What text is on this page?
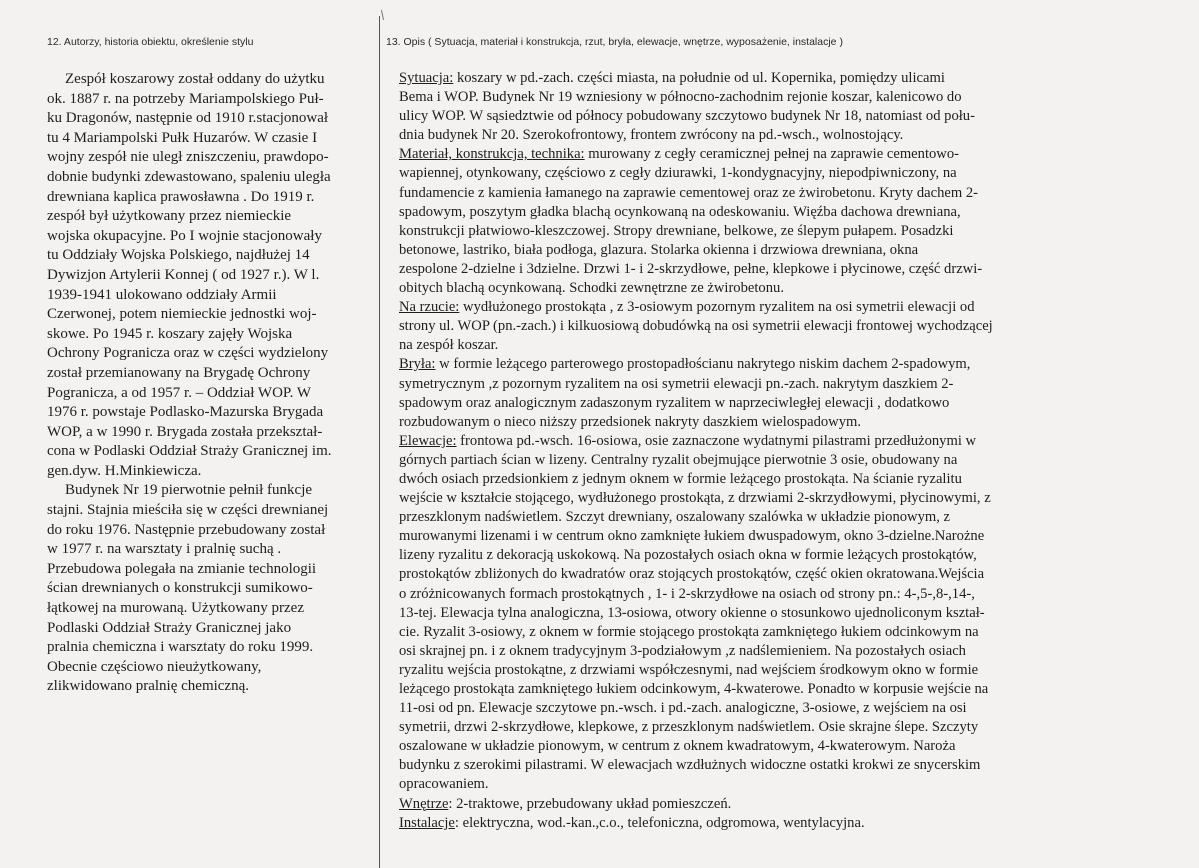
12. Autorzy, historia obiektu, określenie stylu	13. Opis ( Sytuacja, materiał i konstrukcja, rzut, bryła, elewacje, wnętrze, wyposażenie, instalacje )
Zespół koszarowy został oddany do użytku
ok. 1887 r. na potrzeby Mariampolskiego Puł-
ku Dragonów, następnie od 1910 r.stacjonował
tu 4 Mariampolski Pułk Huzarów. W czasie I
wojny zespół nie uległ zniszczeniu, prawdopo-
dobnie budynki zdewastowano, spaleniu uległa
drewniana kaplica prawosławna . Do 1919 r.
zespół był użytkowany przez niemieckie
wojska okupacyjne. Po I wojnie stacjonowały
tu Oddziały Wojska Polskiego, najdłużej 14
Dywizjon Artylerii Konnej ( od 1927 r.). W l.
1939-1941 ulokowano oddziały Armii
Czerwonej, potem niemieckie jednostki woj-
skowe. Po 1945 r. koszary zajęły Wojska
Ochrony Pogranicza oraz w części wydzielony
został przemianowany na Brygadę Ochrony
Pogranicza, a od 1957 r. – Oddział WOP. W
1976 r. powstaje Podlasko-Mazurska Brygada
WOP, a w 1990 r. Brygada została przekształ-
cona w Podlaski Oddział Straży Granicznej im.
gen.dyw. H.Minkiewicza.
Budynek Nr 19 pierwotnie pełnił funkcje
stajni. Stajnia mieściła się w części drewnianej
do roku 1976. Następnie przebudowany został
w 1977 r. na warsztaty i pralnię suchą .
Przebudowa polegała na zmianie technologii
ścian drewnianych o konstrukcji sumikowo-
łątkowej na murowaną. Użytkowany przez
Podlaski Oddział Straży Granicznej jako
pralnia chemiczna i warsztaty do roku 1999.
Obecnie częściowo nieużytkowany,
zlikwidowano pralnię chemiczną.
Sytuacja: koszary w pd.-zach. części miasta, na południe od ul. Kopernika, pomiędzy ulicami
Bema i WOP. Budynek Nr 19 wzniesiony w północno-zachodnim rejonie koszar, kalenicowo do
ulicy WOP. W sąsiedztwie od północy pobudowany szczytowo budynek Nr 18, natomiast od połu-
dnia budynek Nr 20. Szerokofrontowy, frontem zwrócony na pd.-wsch., wolnostojący.
Materiał, konstrukcja, technika: murowany z cegły ceramicznej pełnej na zaprawie cementowo-
wapiennej, otynkowany, częściowo z cegły dziurawki, 1-kondygnacyjny, niepodpiwniczony, na
fundamencie z kamienia łamanego na zaprawie cementowej oraz ze żwirobetonu. Kryty dachem 2-
spadowym, poszytym gładka blachą ocynkowaną na odeskowaniu. Więźba dachowa drewniana,
konstrukcji płatwiowo-kleszczowej. Stropy drewniane, belkowe, ze ślepym pułapem. Posadzki
betonowe, lastriko, biała podłoga, glazura. Stolarka okienna i drzwiowa drewniana, okna
zespolone 2-dzielne i 3dzielne. Drzwi 1- i 2-skrzydłowe, pełne, klepkowe i płycinowe, część drzwi-
obitych blachą ocynkowaną. Schodki zewnętrzne ze żwirobetonu.
Na rzucie: wydłużonego prostokąta , z 3-osiowym pozornym ryzalitem na osi symetrii elewacji od
strony ul. WOP (pn.-zach.) i kilkuosiową dobudówką na osi symetrii elewacji frontowej wychodzącej
na zespół koszar.
Bryła: w formie leżącego parterowego prostopadłościanu nakrytego niskim dachem 2-spadowym,
symetrycznym ,z pozornym ryzalitem na osi symetrii elewacji pn.-zach. nakrytym daszkiem 2-
spadowym oraz analogicznym zadaszonym ryzalitem w naprzeciwległej elewacji , dodatkowo
rozbudowanym o nieco niższy przedsionek nakryty daszkiem wielospadowym.
Elewacje: frontowa pd.-wsch. 16-osiowa, osie zaznaczone wydatnymi pilastrami przedłużonymi w
górnych partiach ścian w lizeny. Centralny ryzalit obejmujące pierwotnie 3 osie, obudowany na
dwóch osiach przedsionkiem z jednym oknem w formie leżącego prostokąta. Na ścianie ryzalitu
wejście w kształcie stojącego, wydłużonego prostokąta, z drzwiami 2-skrzydłowymi, płycinowymi, z
przeszklonym nadświetlem. Szczyt drewniany, oszalowany szalówka w układzie pionowym, z
murowanymi lizenami i w centrum okno zamknięte łukiem dwuspadowym, okno 3-dzielne.Narożne
lizeny ryzalitu z dekoracją uskokową. Na pozostałych osiach okna w formie leżących prostokątów,
prostokątów zbliżonych do kwadratów oraz stojących prostokątów, część okien okratowana.Wejścia
o zróżnicowanych formach prostokątnych , 1- i 2-skrzydłowe na osiach od strony pn.: 4-,5-,8-,14-,
13-tej. Elewacja tylna analogiczna, 13-osiowa, otwory okienne o stosunkowo ujednoliconym kształ-
cie. Ryzalit 3-osiowy, z oknem w formie stojącego prostokąta zamkniętego łukiem odcinkowym na
osi skrajnej pn. i z oknem tradycyjnym 3-podziałowym ,z nadślemieniem. Na pozostałych osiach
ryzalitu wejścia prostokątne, z drzwiami współczesnymi, nad wejściem środkowym okno w formie
leżącego prostokąta zamkniętego łukiem odcinkowym, 4-kwaterowe. Ponadto w korpusie wejście na
11-osi od pn. Elewacje szczytowe pn.-wsch. i pd.-zach. analogiczne, 3-osiowe, z wejściem na osi
symetrii, drzwi 2-skrzydłowe, klepkowe, z przeszklonym nadświetlem. Osie skrajne ślepe. Szczyty
oszalowane w układzie pionowym, w centrum z oknem kwadratowym, 4-kwaterowym. Naroża
budynku z szerokimi pilastrami. W elewacjach wzdłużnych widoczne ostatki krokwi ze snycerskim
opracowaniem.
Wnętrze: 2-traktowe, przebudowany układ pomieszczeń.
Instalacje: elektryczna, wod.-kan.,c.o., telefoniczna, odgromowa, wentylacyjna.
